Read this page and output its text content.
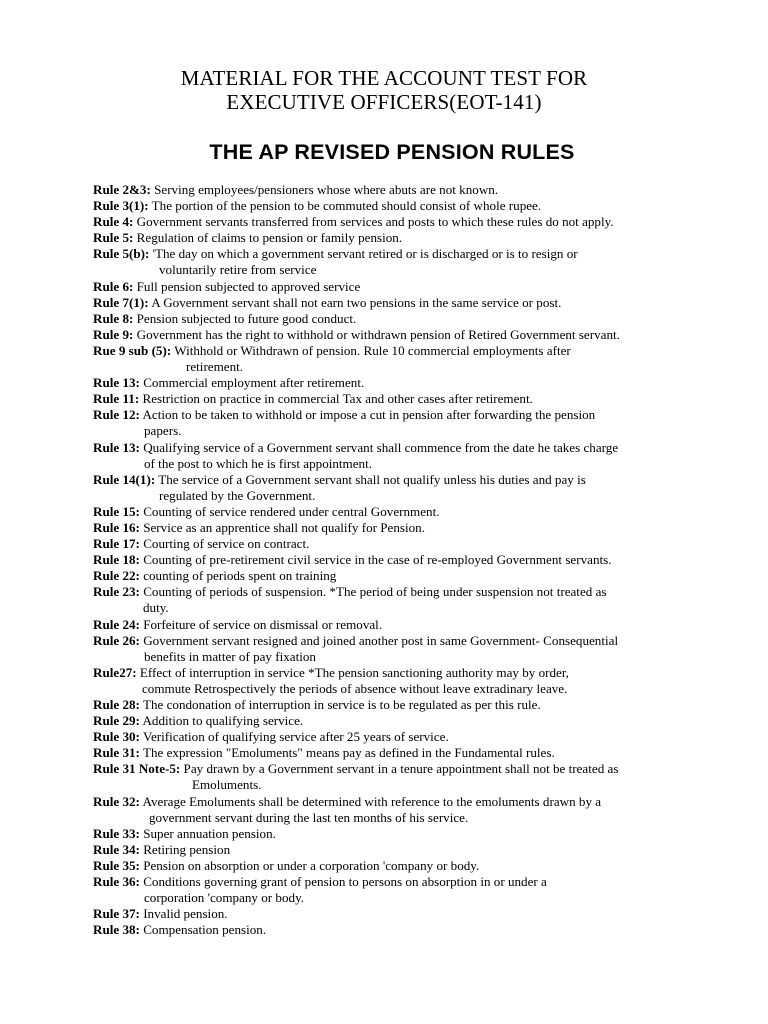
MATERIAL FOR THE ACCOUNT TEST FOR
EXECUTIVE OFFICERS(EOT-141)
THE AP REVISED PENSION RULES
Rule 2&3: Serving employees/pensioners whose where abuts are not known.
Rule 3(1): The portion of the pension to be commuted should consist of whole rupee.
Rule 4: Government servants transferred from services and posts to which these rules do not apply.
Rule 5: Regulation of claims to pension or family pension.
Rule 5(b): 'The day on which a government servant retired or is discharged or is to resign or
voluntarily retire from service
Rule 6: Full pension subjected to approved service
Rule 7(1): A Government servant shall not earn two pensions in the same service or post.
Rule 8: Pension subjected to future good conduct.
Rule 9: Government has the right to withhold or withdrawn pension of Retired Government servant.
Rue 9 sub (5): Withhold or Withdrawn of pension. Rule 10 commercial employments after
retirement.
Rule 13: Commercial employment after retirement.
Rule 11: Restriction on practice in commercial Tax and other cases after retirement.
Rule 12: Action to be taken to withhold or impose a cut in pension after forwarding the pension
papers.
Rule 13: Qualifying service of a Government servant shall commence from the date he takes charge
of the post to which he is first appointment.
Rule 14(1): The service of a Government servant shall not qualify unless his duties and pay is
regulated by the Government.
Rule 15: Counting of service rendered under central Government.
Rule 16: Service as an apprentice shall not qualify for Pension.
Rule 17: Courting of service on contract.
Rule 18: Counting of pre-retirement civil service in the case of re-employed Government servants.
Rule 22: counting of periods spent on training
Rule 23: Counting of periods of suspension. *The period of being under suspension not treated as
duty.
Rule 24: Forfeiture of service on dismissal or removal.
Rule 26: Government servant resigned and joined another post in same Government- Consequential
benefits in matter of pay fixation
Rule27: Effect of interruption in service *The pension sanctioning authority may by order,
commute Retrospectively the periods of absence without leave extradinary leave.
Rule 28: The condonation of interruption in service is to be regulated as per this rule.
Rule 29: Addition to qualifying service.
Rule 30: Verification of qualifying service after 25 years of service.
Rule 31: The expression "Emoluments" means pay as defined in the Fundamental rules.
Rule 31 Note-5: Pay drawn by a Government servant in a tenure appointment shall not be treated as
Emoluments.
Rule 32: Average Emoluments shall be determined with reference to the emoluments drawn by a
government servant during the last ten months of his service.
Rule 33: Super annuation pension.
Rule 34: Retiring pension
Rule 35: Pension on absorption or under a corporation 'company or body.
Rule 36: Conditions governing grant of pension to persons on absorption in or under a
corporation 'company or body.
Rule 37: Invalid pension.
Rule 38: Compensation pension.
